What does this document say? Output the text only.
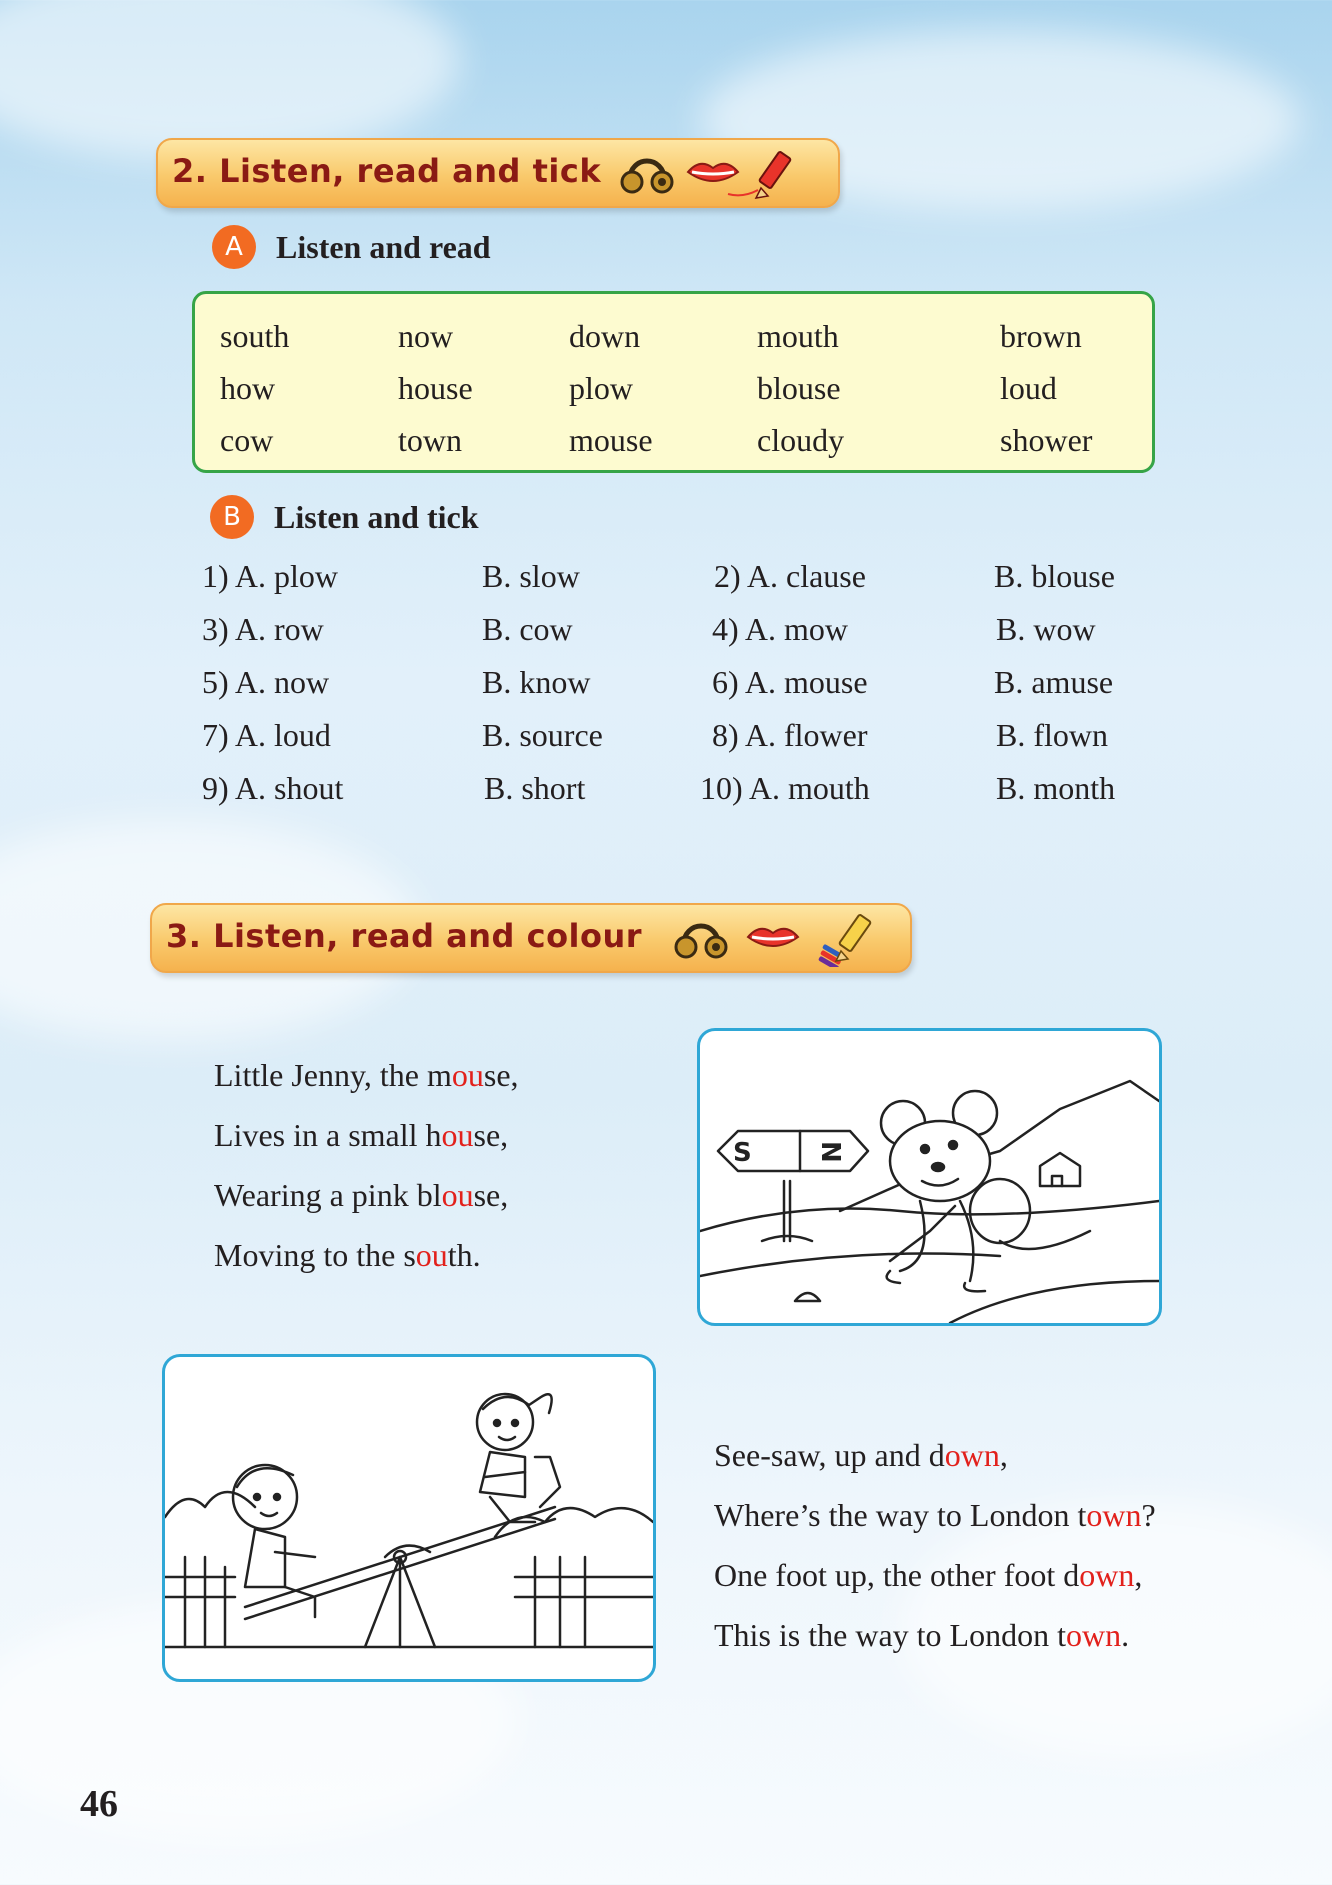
2. Listen, read and tick
A	Listen and read
south	now	down	mouth	brown
how	house	plow	blouse	loud
cow	town	mouse	cloudy	shower
B	Listen and tick
1) A. plow	B. slow	2) A. clause	B. blouse
3) A. row	B. cow	4) A. mow	B. wow
5) A. now	B. know	6) A. mouse	B. amuse
7) A. loud	B. source	8) A. flower	B. flown
9) A. shout	B. short	10) A. mouth	B. month
3. Listen, read and colour
Little Jenny, the mouse,
Lives in a small house,
Wearing a pink blouse,
Moving to the south.
S N
See-saw, up and down,
Where’s the way to London town?
One foot up, the other foot down,
This is the way to London town.
46
